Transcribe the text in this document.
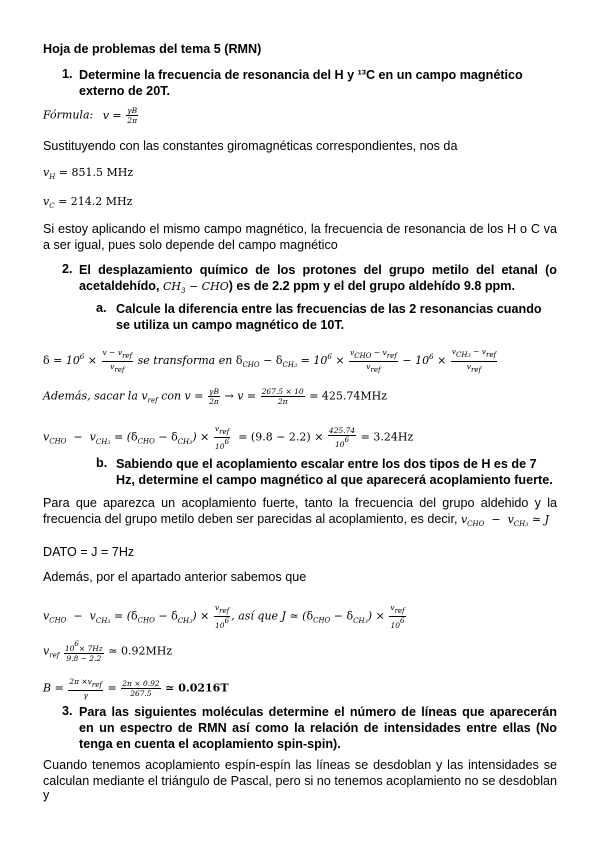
Hoja de problemas del tema 5 (RMN)
1. Determine la frecuencia de resonancia del H y ¹³C en un campo magnético externo de 20T.
Fórmula: $v = \frac{\gamma B}{2\pi}$
Sustituyendo con las constantes giromagnéticas correspondientes, nos da
$v_H = 851.5$ MHz
$v_C = 214.2$ MHz
Si estoy aplicando el mismo campo magnético, la frecuencia de resonancia de los H o C va a ser igual, pues solo depende del campo magnético
2. El desplazamiento químico de los protones del grupo metilo del etanal (o acetaldehído, $CH_3 - CHO$) es de 2.2 ppm y el del grupo aldehído 9.8 ppm.
a. Calcule la diferencia entre las frecuencias de las 2 resonancias cuando se utiliza un campo magnético de 10T.
$\delta = 10^6 \times \frac{\text{v − vref}}{\text{vref}}$ se transforma en $\delta_{CHO} - \delta_{CH3} = 10^6 \times \frac{\text{vCHO − vref}}{\text{vref}} - 10^6 \times \frac{\text{vCH3 − vref}}{\text{vref}}$
Además, sacar la $v_{ref}$ con $v = \frac{\gamma B}{2\pi} \to v = \frac{267.5 \times 10}{2\pi} = 425.74MHz$
$v_{CHO} - v_{CH3} = (\delta_{CHO} - \delta_{CH3}) \times \frac{\text{vref}}{106} = (9.8 - 2.2) \times \frac{425.74}{106} = 3.24Hz$
b. Sabiendo que el acoplamiento escalar entre los dos tipos de H es de 7 Hz, determine el campo magnético al que aparecerá acoplamiento fuerte.
Para que aparezca un acoplamiento fuerte, tanto la frecuencia del grupo aldehido y la
frecuencia del grupo metilo deben ser parecidas al acoplamiento, es decir, $v_{CHO} - v_{CH3}$ ≃ J
DATO = J = 7Hz
Además, por el apartado anterior sabemos que
$v_{CHO} - v_{CH3} = (\delta_{CHO} - \delta_{CH3}) \times \frac{\text{vref}}{106}$ , así que J ≃ $(\delta_{CHO} - \delta_{CH3}) \times \frac{\text{vref}}{106}$
$v_{ref} \frac{106\times 7Hz}{9.8 - 2.2}$ ≃ 0.92MHz
$B = \frac{\text{2π ×vref}}{\gamma} = \frac{2\pi \times 0.92}{267.5}$ ≃ 0.0216T
3. Para las siguientes moléculas determine el número de líneas que aparecerán en un espectro de RMN así como la relación de intensidades entre ellas (No tenga en cuenta el acoplamiento spin-spin).
Cuando tenemos acoplamiento espín-espín las líneas se desdoblan y las intensidades se
calculan mediante el triángulo de Pascal, pero si no tenemos acoplamiento no se desdoblan y
